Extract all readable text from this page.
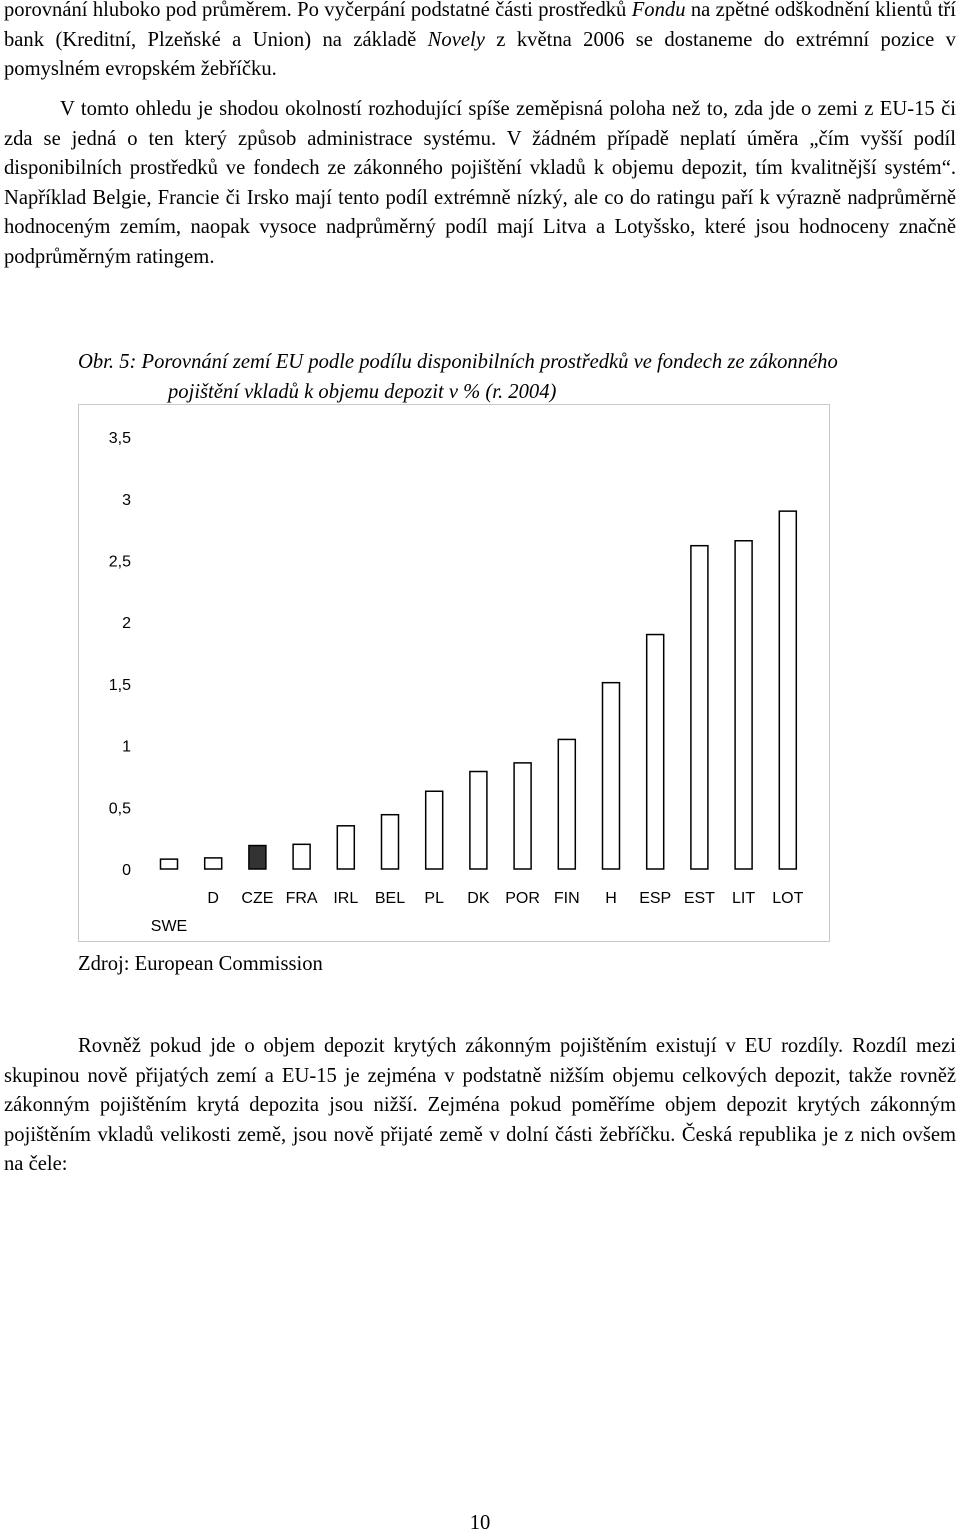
porovnání hluboko pod průměrem. Po vyčerpání podstatné části prostředků Fondu na zpětné odškodnění klientů tří bank (Kreditní, Plzeňské a Union) na základě Novely z května 2006 se dostaneme do extrémní pozice v pomyslném evropském žebříčku.

V tomto ohledu je shodou okolností rozhodující spíše zeměpisná poloha než to, zda jde o zemi z EU-15 či zda se jedná o ten který způsob administrace systému. V žádném případě neplatí úměra „čím vyšší podíl disponibilních prostředků ve fondech ze zákonného pojištění vkladů k objemu depozit, tím kvalitnější systém“. Například Belgie, Francie či Irsko mají tento podíl extrémně nízký, ale co do ratingu paří k výrazně nadprůměrně hodnoceným zemím, naopak vysoce nadprůměrný podíl mají Litva a Lotyšsko, které jsou hodnoceny značně podprůměrným ratingem.

Obr. 5: Porovnání zemí EU podle podílu disponibilních prostředků ve fondech ze zákonného
pojištění vkladů k objemu depozit v % (r. 2004)

0
0,5
1
1,5
2
2,5
3
3,5
SWE
D CZE FRA IRL BEL PL DK POR FIN H ESP EST LIT LOT
Zdroj: European Commission

Rovněž pokud jde o objem depozit krytých zákonným pojištěním existují v EU rozdíly. Rozdíl mezi skupinou nově přijatých zemí a EU-15 je zejména v podstatně nižším objemu celkových depozit, takže rovněž zákonným pojištěním krytá depozita jsou nižší. Zejména pokud poměříme objem depozit krytých zákonným pojištěním vkladů velikosti země, jsou nově přijaté země v dolní části žebříčku. Česká republika je z nich ovšem na čele:

10
